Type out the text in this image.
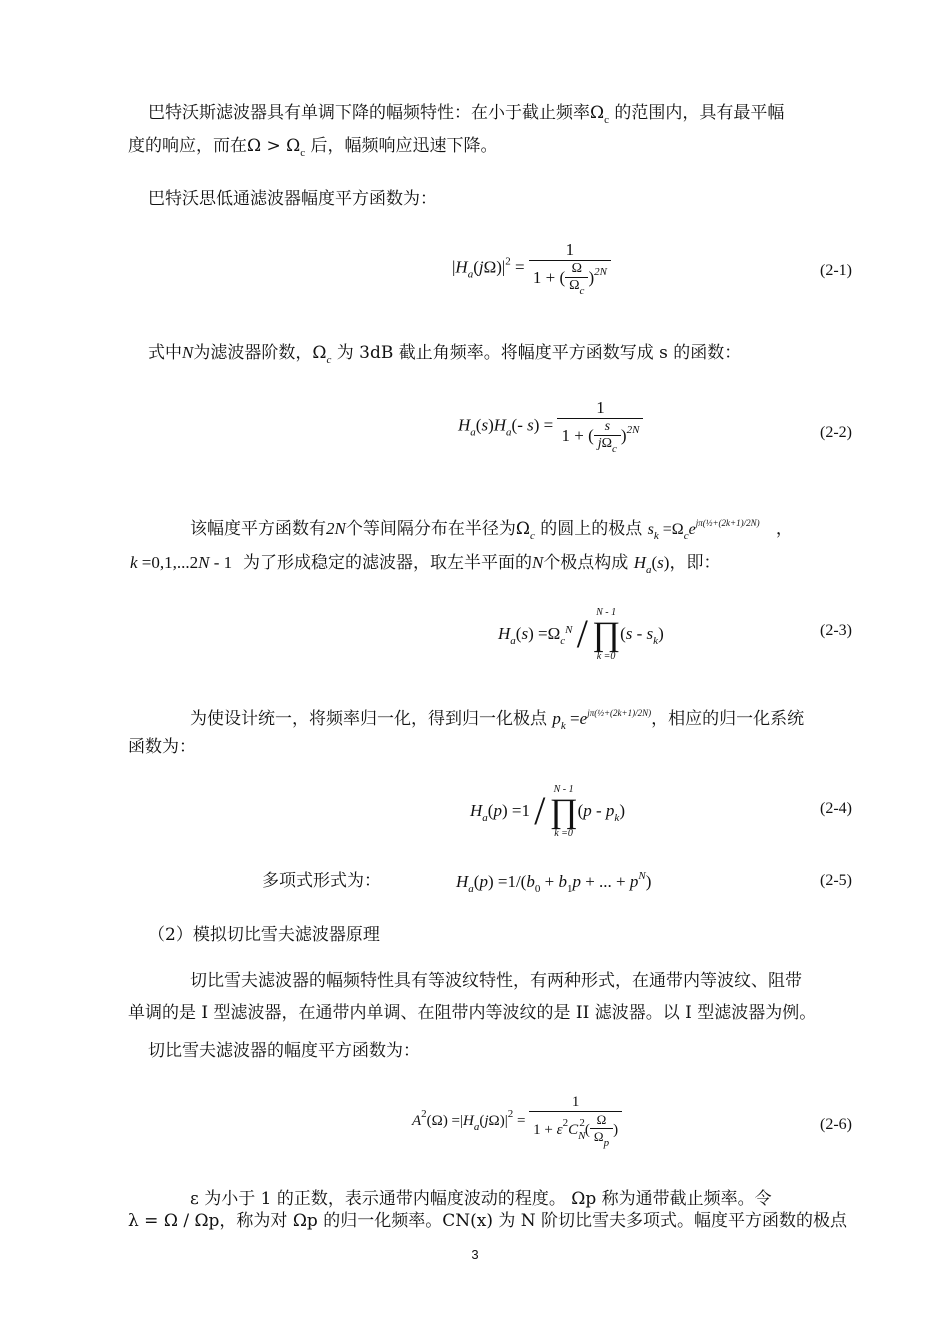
巴特沃斯滤波器具有单调下降的幅频特性：在小于截止频率$\Omega_c$ 的范围内，具有最平幅
度的响应，而在$\Omega > \Omega_c$ 后，幅频响应迅速下降。
巴特沃思低通滤波器幅度平方函数为：
$|H_a(j\Omega)|^2 = \frac{1}{1 + ( \frac{\Omega}{\Omega_c} )^{2N}}$	(2-1)
式中N为滤波器阶数，$\Omega_c$ 为 3dB 截止角频率。将幅度平方函数写成 s 的函数：
$H_a(s)H_a(-$ $s) = \frac{1}{1 + ( \frac{s}{j\Omega_c} )^{2N}}$	(2-2)
该幅度平方函数有2N个等间隔分布在半径为$\Omega_c$ 的圆上的极点 $s_k =\Omega_ce^{j\pi(\frac{1}{2}+(2k+1)/2N)}$   ，
k =0,1,...2N - 1 为了形成稳定的滤波器，取左半平面的N个极点构成 $H_a(s)$，即：
$H_a(s) =\Omega_c^N / N - 1$
∏
k =0
$(s - s_k)$	(2-3)
为使设计统一，将频率归一化，得到归一化极点 $p_k =e^{j\pi(\frac{1}{2}+(2k+1)/2N)}$，相应的归一化系统
函数为：
$H_a(p) =1 / N - 1$
∏
k =0
$(p - p_k)$	(2-4)
多项式形式为：	$H_a(p) =1/(b_0 + b_1p$ + ... + $p^N$)	(2-5)
（2）模拟切比雪夫滤波器原理
切比雪夫滤波器的幅频特性具有等波纹特性，有两种形式，在通带内等波纹、阻带
单调的是 I 型滤波器，在通带内单调、在阻带内等波纹的是 II 滤波器。以 I 型滤波器为例。
切比雪夫滤波器的幅度平方函数为：
$A^2(\Omega) =|H_a(j\Omega)|^2 = \frac{1}{1 + \varepsilon^2C_N^2( \frac{\Omega}{\Omega_p} )}$	(2-6)
ε 为小于 1 的正数，表示通带内幅度波动的程度。 Ωp 称为通带截止频率。令
λ = Ω / Ωp，称为对 Ωp 的归一化频率。CN(x) 为 N 阶切比雪夫多项式。幅度平方函数的极点
3
